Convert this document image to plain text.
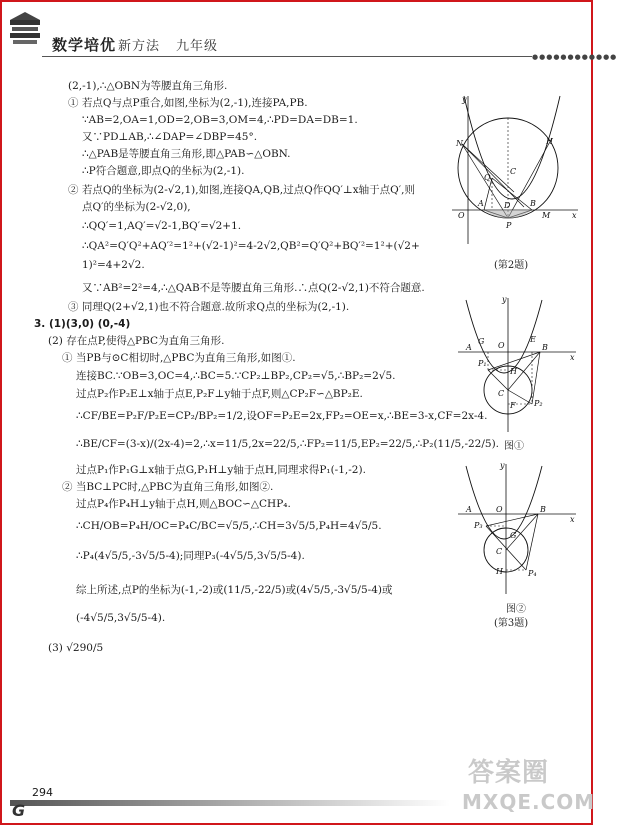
数学培优 新方法 九年级
●●●●●●●●●●●●
(2,-1),∴△OBN为等腰直角三角形.
① 若点Q与点P重合,如图,坐标为(2,-1),连接PA,PB.
∵AB=2,OA=1,OD=2,OB=3,OM=4,∴PD=DA=DB=1.
又∵PD⊥AB,∴∠DAP=∠DBP=45°.
∴△PAB是等腰直角三角形,即△PAB∽△OBN.
∴P符合题意,即点Q的坐标为(2,-1).
② 若点Q的坐标为(2-√2,1),如图,连接QA,QB,过点Q作QQ′⊥x轴于点Q′,则
点Q′的坐标为(2-√2,0),
∴QQ′=1,AQ′=√2-1,BQ′=√2+1.
∴QA²=Q′Q²+AQ′²=1²+(√2-1)²=4-2√2,QB²=Q′Q²+BQ′²=1²+(√2+
1)²=4+2√2.
又∵AB²=2²=4,∴△QAB不是等腰直角三角形.∴点Q(2-√2,1)不符合题意.
③ 同理Q(2+√2,1)也不符合题意.故所求Q点的坐标为(2,-1).
3. (1)(3,0) (0,-4)
(2) 存在点P,使得△PBC为直角三角形.
① 当PB与⊙C相切时,△PBC为直角三角形,如图①.
连接BC.∵OB=3,OC=4,∴BC=5.∵CP₂⊥BP₂,CP₂=√5,∴BP₂=2√5.
过点P₂作P₂E⊥x轴于点E,P₂F⊥y轴于点F,则△CP₂F∽△BP₂E.
∴CF/BE=P₂F/P₂E=CP₂/BP₂=1/2,设OF=P₂E=2x,FP₂=OE=x,∴BE=3-x,CF=2x-4.
∴BE/CF=(3-x)/(2x-4)=2,∴x=11/5,2x=22/5,∴FP₂=11/5,EP₂=22/5,∴P₂(11/5,-22/5).
过点P₁作P₁G⊥x轴于点G,P₁H⊥y轴于点H,同理求得P₁(-1,-2).
② 当BC⊥PC时,△PBC为直角三角形,如图②.
过点P₄作P₄H⊥y轴于点H,则△BOC∽△CHP₄.
∴CH/OB=P₄H/OC=P₄C/BC=√5/5,∴CH=3√5/5,P₄H=4√5/5.
∴P₄(4√5/5,-3√5/5-4);同理P₃(-4√5/5,3√5/5-4).
综上所述,点P的坐标为(-1,-2)或(11/5,-22/5)或(4√5/5,-3√5/5-4)或
(-4√5/5,3√5/5-4).
(3) √290/5
y
x
O
A	B
M
N	H
C
Q
P
D
(第2题)
y
x
O
A	B
E
G
F
H
C
P₁
P₂
图①
y
x
A	O	B
G
C
H
P₃
P₄
图②
(第3题)
294
G
答案圈
MXQE.COM
